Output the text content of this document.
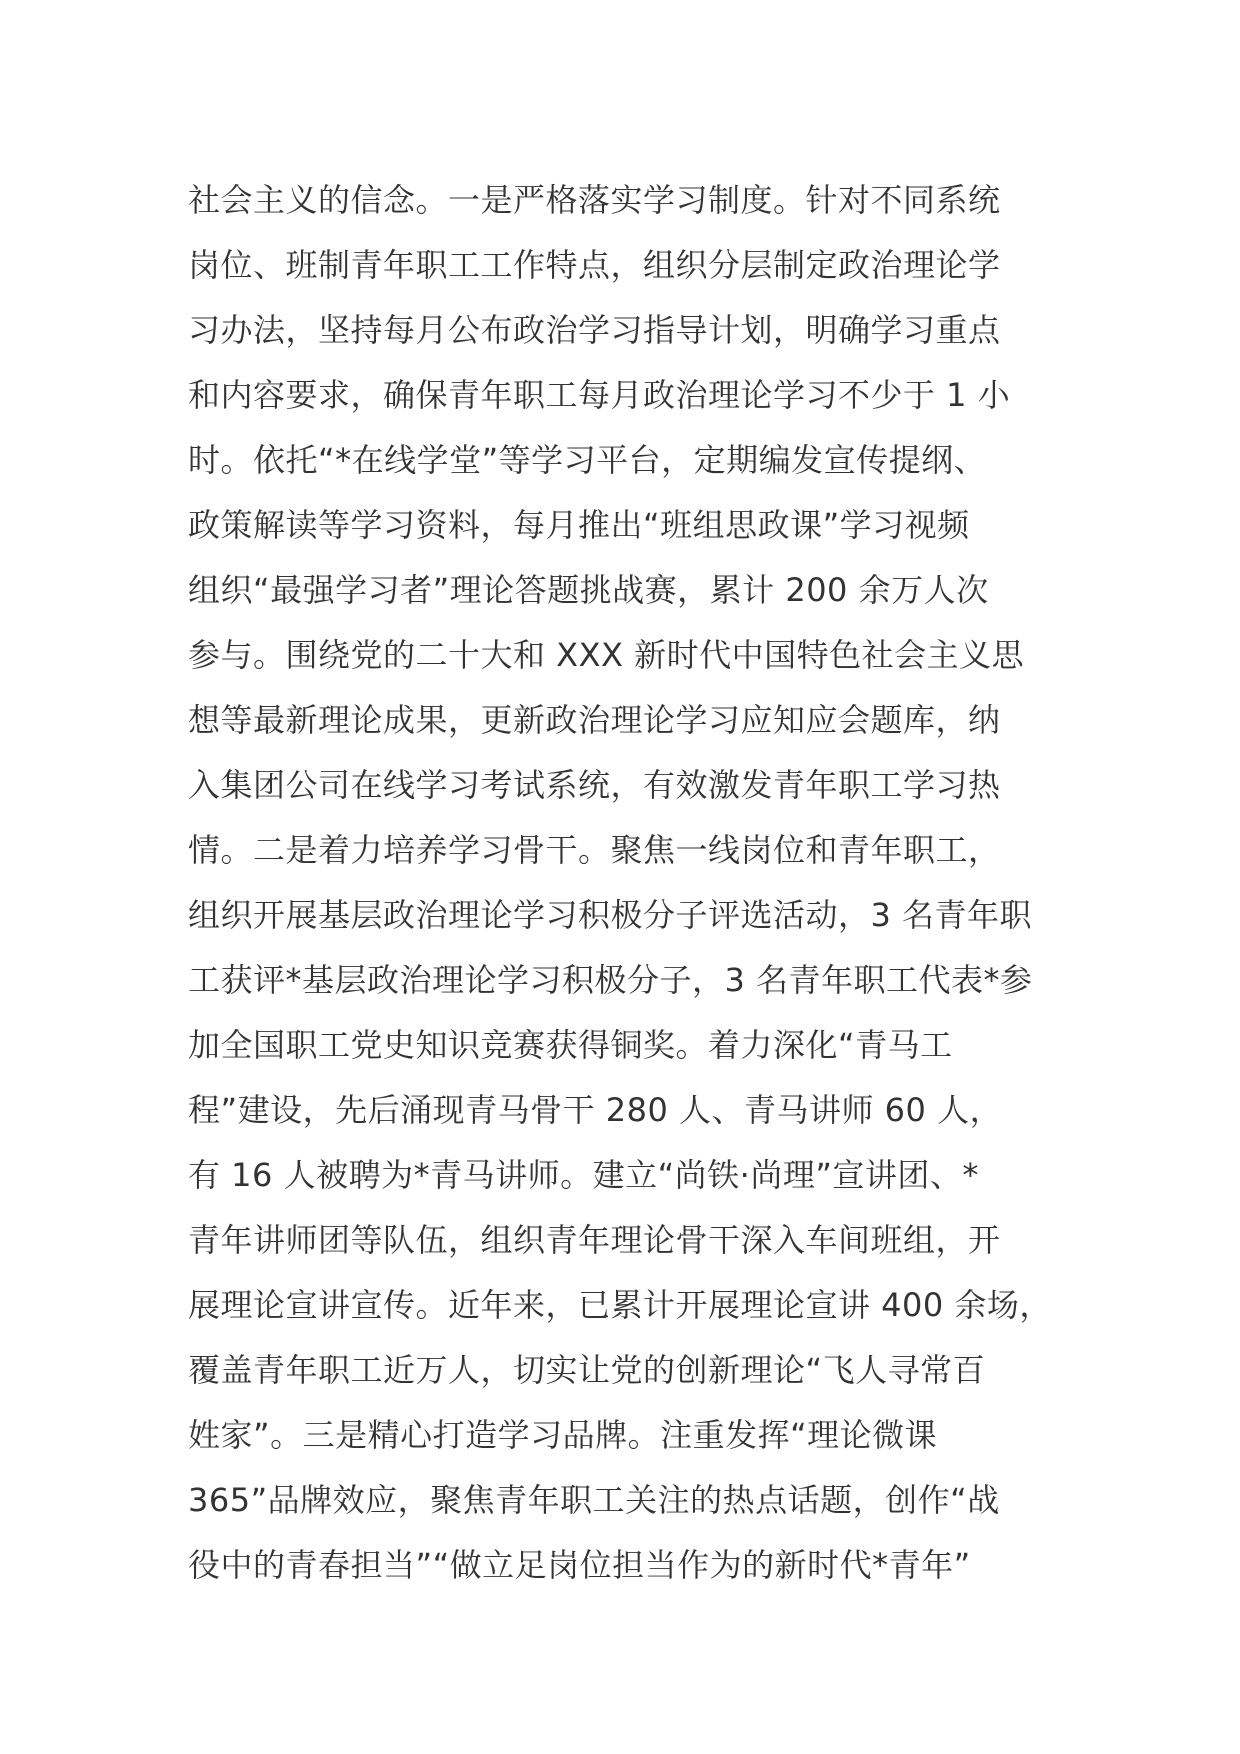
社会主义的信念。一是严格落实学习制度。针对不同系统
岗位、班制青年职工工作特点，组织分层制定政治理论学
习办法，坚持每月公布政治学习指导计划，明确学习重点
和内容要求，确保青年职工每月政治理论学习不少于 1 小
时。依托“*在线学堂”等学习平台，定期编发宣传提纲、
政策解读等学习资料，每月推出“班组思政课”学习视频
组织“最强学习者”理论答题挑战赛，累计 200 余万人次
参与。围绕党的二十大和 XXX 新时代中国特色社会主义思
想等最新理论成果，更新政治理论学习应知应会题库，纳
入集团公司在线学习考试系统，有效激发青年职工学习热
情。二是着力培养学习骨干。聚焦一线岗位和青年职工，
组织开展基层政治理论学习积极分子评选活动，3 名青年职
工获评*基层政治理论学习积极分子，3 名青年职工代表*参
加全国职工党史知识竞赛获得铜奖。着力深化“青马工
程”建设，先后涌现青马骨干 280 人、青马讲师 60 人，
有 16 人被聘为*青马讲师。建立“尚铁·尚理”宣讲团、*
青年讲师团等队伍，组织青年理论骨干深入车间班组，开
展理论宣讲宣传。近年来，已累计开展理论宣讲 400 余场，
覆盖青年职工近万人，切实让党的创新理论“飞人寻常百
姓家”。三是精心打造学习品牌。注重发挥“理论微课
365”品牌效应，聚焦青年职工关注的热点话题，创作“战
役中的青春担当”“做立足岗位担当作为的新时代*青年”
